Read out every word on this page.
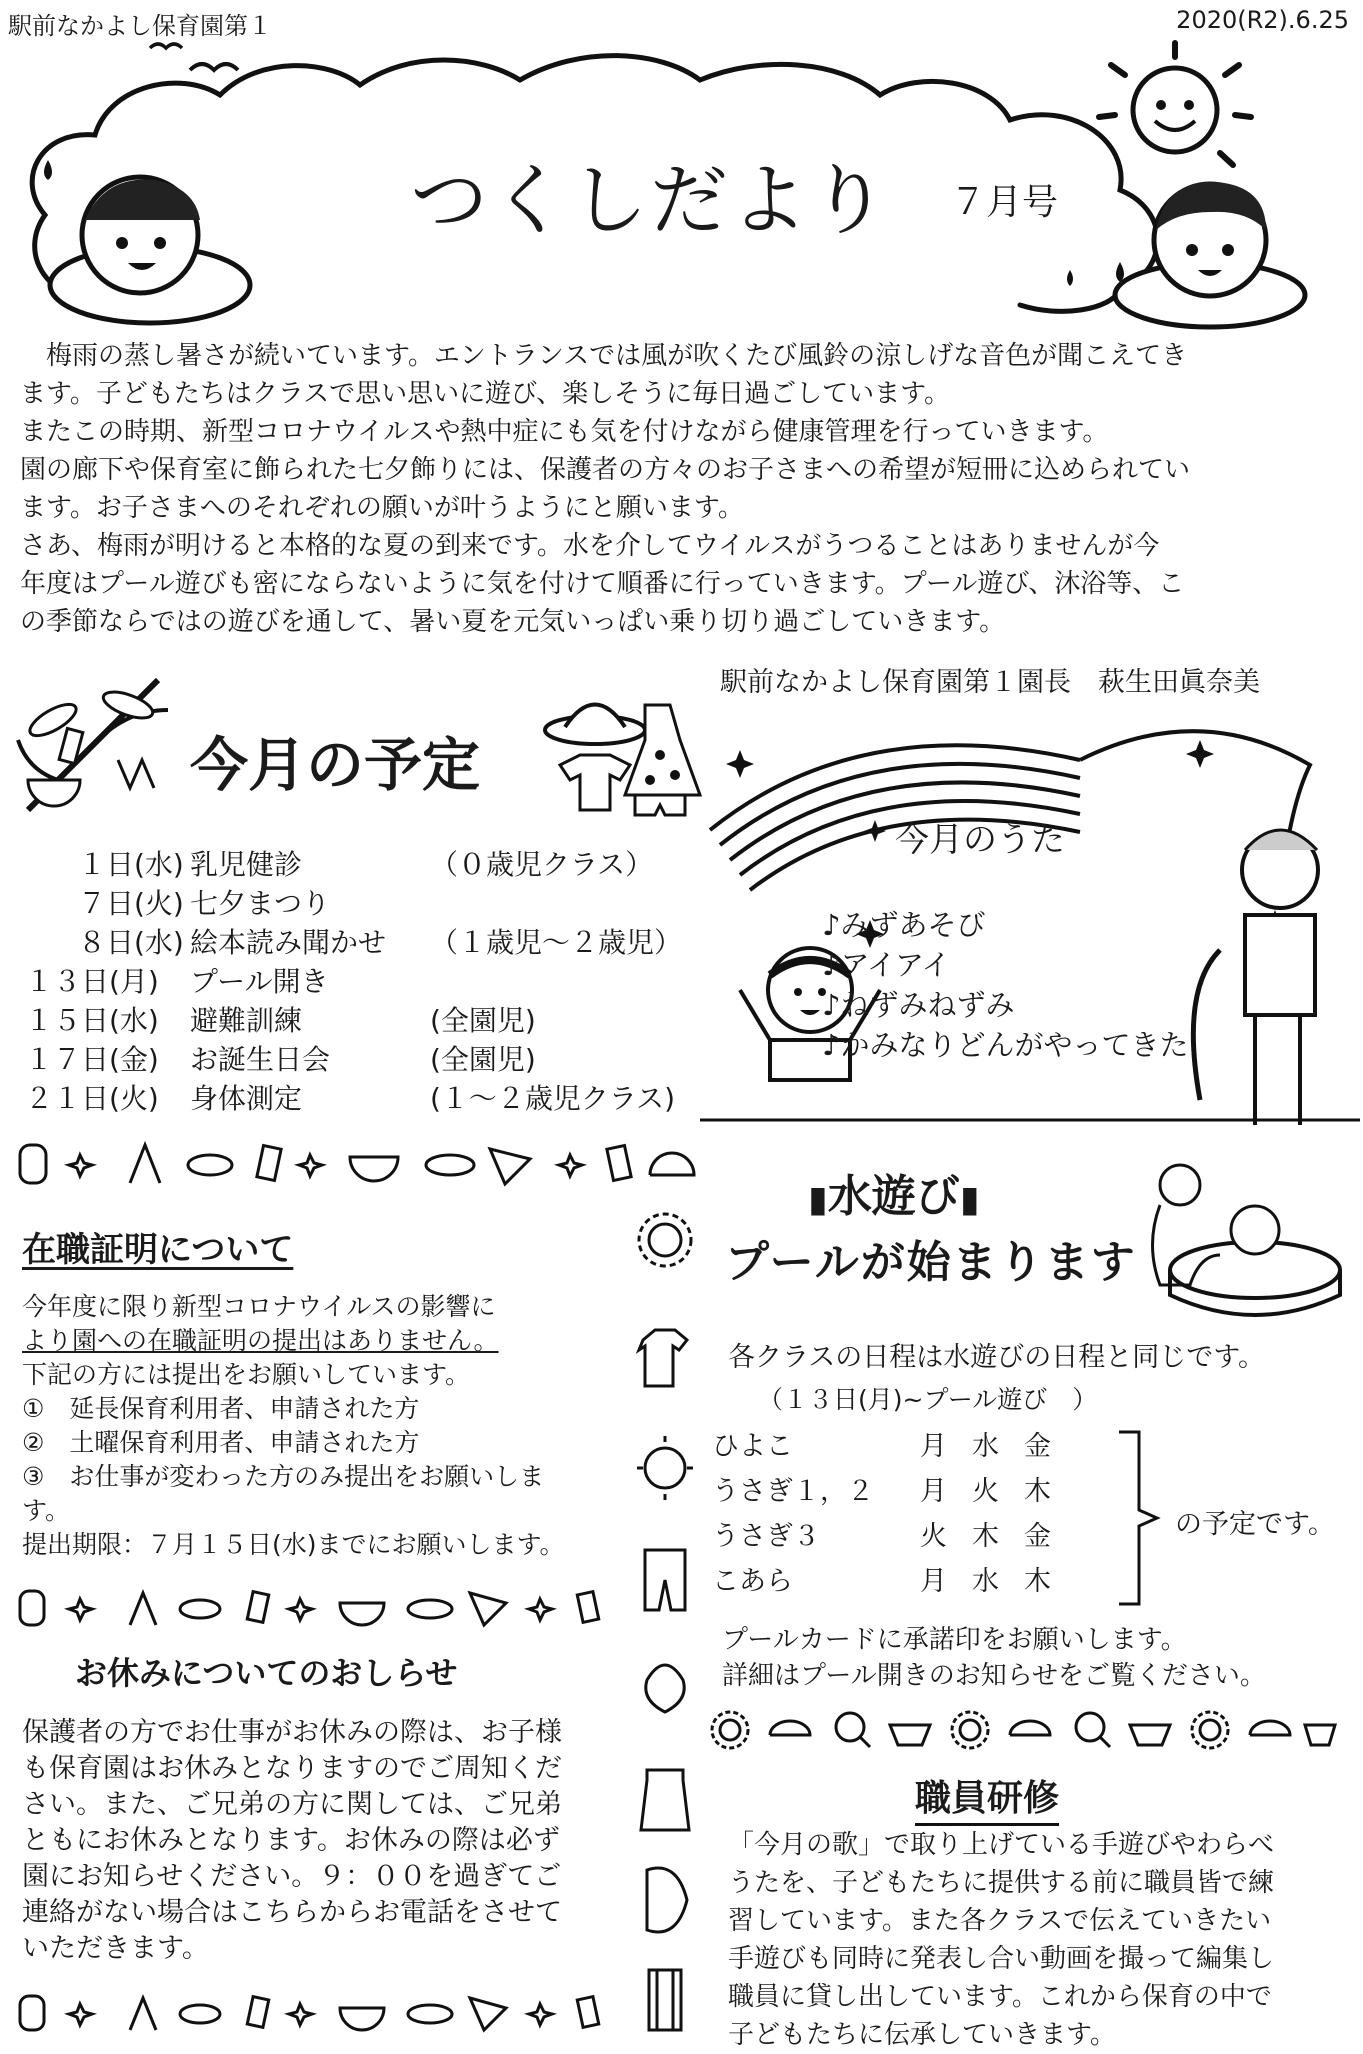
駅前なかよし保育園第１	2020(R2).6.25
つくしだより ７月号

　梅雨の蒸し暑さが続いています。エントランスでは風が吹くたび風鈴の涼しげな音色が聞こえてき

ます。子どもたちはクラスで思い思いに遊び、楽しそうに毎日過ごしています。

またこの時期、新型コロナウイルスや熱中症にも気を付けながら健康管理を行っていきます。

園の廊下や保育室に飾られた七夕飾りには、保護者の方々のお子さまへの希望が短冊に込められてい

ます。お子さまへのそれぞれの願いが叶うようにと願います。

さあ、梅雨が明けると本格的な夏の到来です。水を介してウイルスがうつることはありませんが今

年度はプール遊びも密にならないように気を付けて順番に行っていきます。プール遊び、沐浴等、こ

の季節ならではの遊びを通して、暑い夏を元気いっぱい乗り切り過ごしていきます。

駅前なかよし保育園第１園長　萩生田眞奈美
今月の予定
　１日(水) 乳児健診	（０歳児クラス）
　７日(火) 七夕まつり
　８日(水) 絵本読み聞かせ （１歳児～２歳児）
１３日(月) プール開き
１５日(水) 避難訓練	(全園児)
１７日(金) お誕生日会	(全園児)
２１日(火) 身体測定	(１～２歳児クラス)
今月のうた
♪みずあそび
♪アイアイ
♪ねずみねずみ
♪かみなりどんがやってきた
在職証明について

今年度に限り新型コロナウイルスの影響に

より園への在職証明の提出はありません。

下記の方には提出をお願いしています。

①　延長保育利用者、申請された方

②　土曜保育利用者、申請された方

③　お仕事が変わった方のみ提出をお願いしま

す。

提出期限：７月１５日(水)までにお願いします。

お休みについてのおしらせ

保護者の方でお仕事がお休みの際は、お子様

も保育園はお休みとなりますのでご周知くだ

さい。また、ご兄弟の方に関しては、ご兄弟

ともにお休みとなります。お休みの際は必ず

園にお知らせください。９：００を過ぎてご

連絡がない場合はこちらからお電話をさせて

いただきます。

▮水遊び▮
プールが始まります
各クラスの日程は水遊びの日程と同じです。
（１３日(月)~プール遊び　）
ひよこ	月 水 金
うさぎ１，２ 月 火 木
うさぎ３	火 木 金
こあら	月 水 木
の予定です。
プールカードに承諾印をお願いします。
詳細はプール開きのお知らせをご覧ください。
職員研修

「今月の歌」で取り上げている手遊びやわらべ

うたを、子どもたちに提供する前に職員皆で練

習しています。また各クラスで伝えていきたい

手遊びも同時に発表し合い動画を撮って編集し

職員に貸し出しています。これから保育の中で

子どもたちに伝承していきます。
